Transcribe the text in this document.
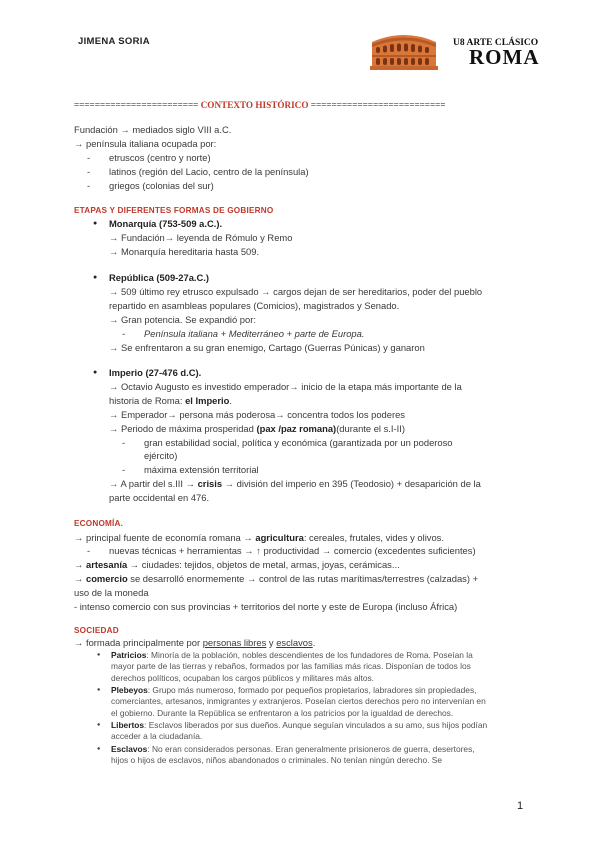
JIMENA SORIA	U8 ARTE CLÁSICO
ROMA
======================== CONTEXTO HISTÓRICO ==========================
Fundación → mediados siglo VIII a.C.
→ península italiana ocupada por:
- etruscos (centro y norte)
- latinos (región del Lacio, centro de la península)
- griegos (colonias del sur)
ETAPAS Y DIFERENTES FORMAS DE GOBIERNO
● Monarquía (753-509 a.C.).
→ Fundación→ leyenda de Rómulo y Remo
→ Monarquía hereditaria hasta 509.
● República (509-27a.C.)
→ 509 último rey etrusco expulsado → cargos dejan de ser hereditarios, poder del pueblo
repartido en asambleas populares (Comicios), magistrados y Senado.
→ Gran potencia. Se expandió por:
- Península italiana + Mediterráneo + parte de Europa.
→ Se enfrentaron a su gran enemigo, Cartago (Guerras Púnicas) y ganaron
● Imperio (27-476 d.C).
→ Octavio Augusto es investido emperador→ inicio de la etapa más importante de la
historia de Roma: el Imperio.
→ Emperador→ persona más poderosa→ concentra todos los poderes
→ Periodo de máxima prosperidad (pax /paz romana)(durante el s.I-II)
- gran estabilidad social, política y económica (garantizada por un poderoso
ejército)
- máxima extensión territorial
→ A partir del s.III → crisis → división del imperio en 395 (Teodosio) + desaparición de la
parte occidental en 476.
ECONOMÍA.
→ principal fuente de economía romana → agricultura: cereales, frutales, vides y olivos.
- nuevas técnicas + herramientas → ↑ productividad → comercio (excedentes suficientes)
→ artesanía → ciudades: tejidos, objetos de metal, armas, joyas, cerámicas...
→ comercio se desarrolló enormemente → control de las rutas marítimas/terrestres (calzadas) +
uso de la moneda
- intenso comercio con sus provincias + territorios del norte y este de Europa (incluso África)
SOCIEDAD
→ formada principalmente por personas libres y esclavos.
● Patricios: Minoría de la población, nobles descendientes de los fundadores de Roma. Poseían la
mayor parte de las tierras y rebaños, formados por las familias más ricas. Disponían de todos los
derechos políticos, ocupaban los cargos públicos y militares más altos.
● Plebeyos: Grupo más numeroso, formado por pequeños propietarios, labradores sin propiedades,
comerciantes, artesanos, inmigrantes y extranjeros. Poseían ciertos derechos pero no intervenían en
el gobierno. Durante la República se enfrentaron a los patricios por la igualdad de derechos.
● Libertos: Esclavos liberados por sus dueños. Aunque seguían vinculados a su amo, sus hijos podían
acceder a la ciudadanía.
● Esclavos: No eran considerados personas. Eran generalmente prisioneros de guerra, desertores,
hijos o hijos de esclavos, niños abandonados o criminales. No tenían ningún derecho. Se
1
